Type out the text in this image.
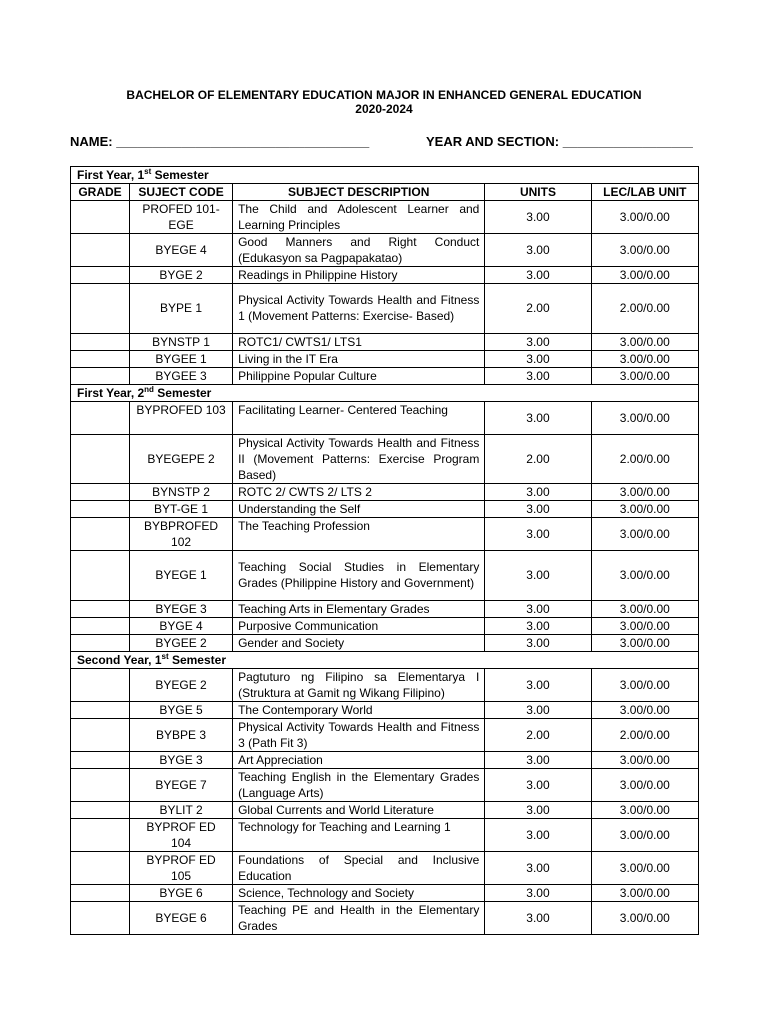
BACHELOR OF ELEMENTARY EDUCATION MAJOR IN ENHANCED GENERAL EDUCATION
2020-2024
NAME: ___________________________________	YEAR AND SECTION: __________________
First Year, 1st Semester				
GRADE	SUJECT CODE	SUBJECT DESCRIPTION	UNITS	LEC/LAB UNIT
	PROFED 101-EGE	The Child and Adolescent Learner and Learning Principles	3.00	3.00/0.00
	BYEGE 4	Good Manners and Right Conduct (Edukasyon sa Pagpapakatao)	3.00	3.00/0.00
	BYGE 2	Readings in Philippine History	3.00	3.00/0.00
	BYPE 1	Physical Activity Towards Health and Fitness 1 (Movement Patterns: Exercise- Based)	2.00	2.00/0.00
	BYNSTP 1	ROTC1/ CWTS1/ LTS1	3.00	3.00/0.00
	BYGEE 1	Living in the IT Era	3.00	3.00/0.00
	BYGEE 3	Philippine Popular Culture	3.00	3.00/0.00
First Year, 2nd Semester				
	BYPROFED 103	Facilitating Learner- Centered Teaching	3.00	3.00/0.00
	BYEGEPE 2	Physical Activity Towards Health and Fitness II (Movement Patterns: Exercise Program Based)	2.00	2.00/0.00
	BYNSTP 2	ROTC 2/ CWTS 2/ LTS 2	3.00	3.00/0.00
	BYT-GE 1	Understanding the Self	3.00	3.00/0.00
	BYBPROFED 102	The Teaching Profession	3.00	3.00/0.00
	BYEGE 1	Teaching Social Studies in Elementary Grades (Philippine History and Government)	3.00	3.00/0.00
	BYEGE 3	Teaching Arts in Elementary Grades	3.00	3.00/0.00
	BYGE 4	Purposive Communication	3.00	3.00/0.00
	BYGEE 2	Gender and Society	3.00	3.00/0.00
Second Year, 1st Semester				
	BYEGE 2	Pagtuturo ng Filipino sa Elementarya I (Struktura at Gamit ng Wikang Filipino)	3.00	3.00/0.00
	BYGE 5	The Contemporary World	3.00	3.00/0.00
	BYBPE 3	Physical Activity Towards Health and Fitness 3 (Path Fit 3)	2.00	2.00/0.00
	BYGE 3	Art Appreciation	3.00	3.00/0.00
	BYEGE 7	Teaching English in the Elementary Grades (Language Arts)	3.00	3.00/0.00
	BYLIT 2	Global Currents and World Literature	3.00	3.00/0.00
	BYPROF ED 104	Technology for Teaching and Learning 1	3.00	3.00/0.00
	BYPROF ED 105	Foundations of Special and Inclusive Education	3.00	3.00/0.00
	BYGE 6	Science, Technology and Society	3.00	3.00/0.00
	BYEGE 6	Teaching PE and Health in the Elementary Grades	3.00	3.00/0.00
